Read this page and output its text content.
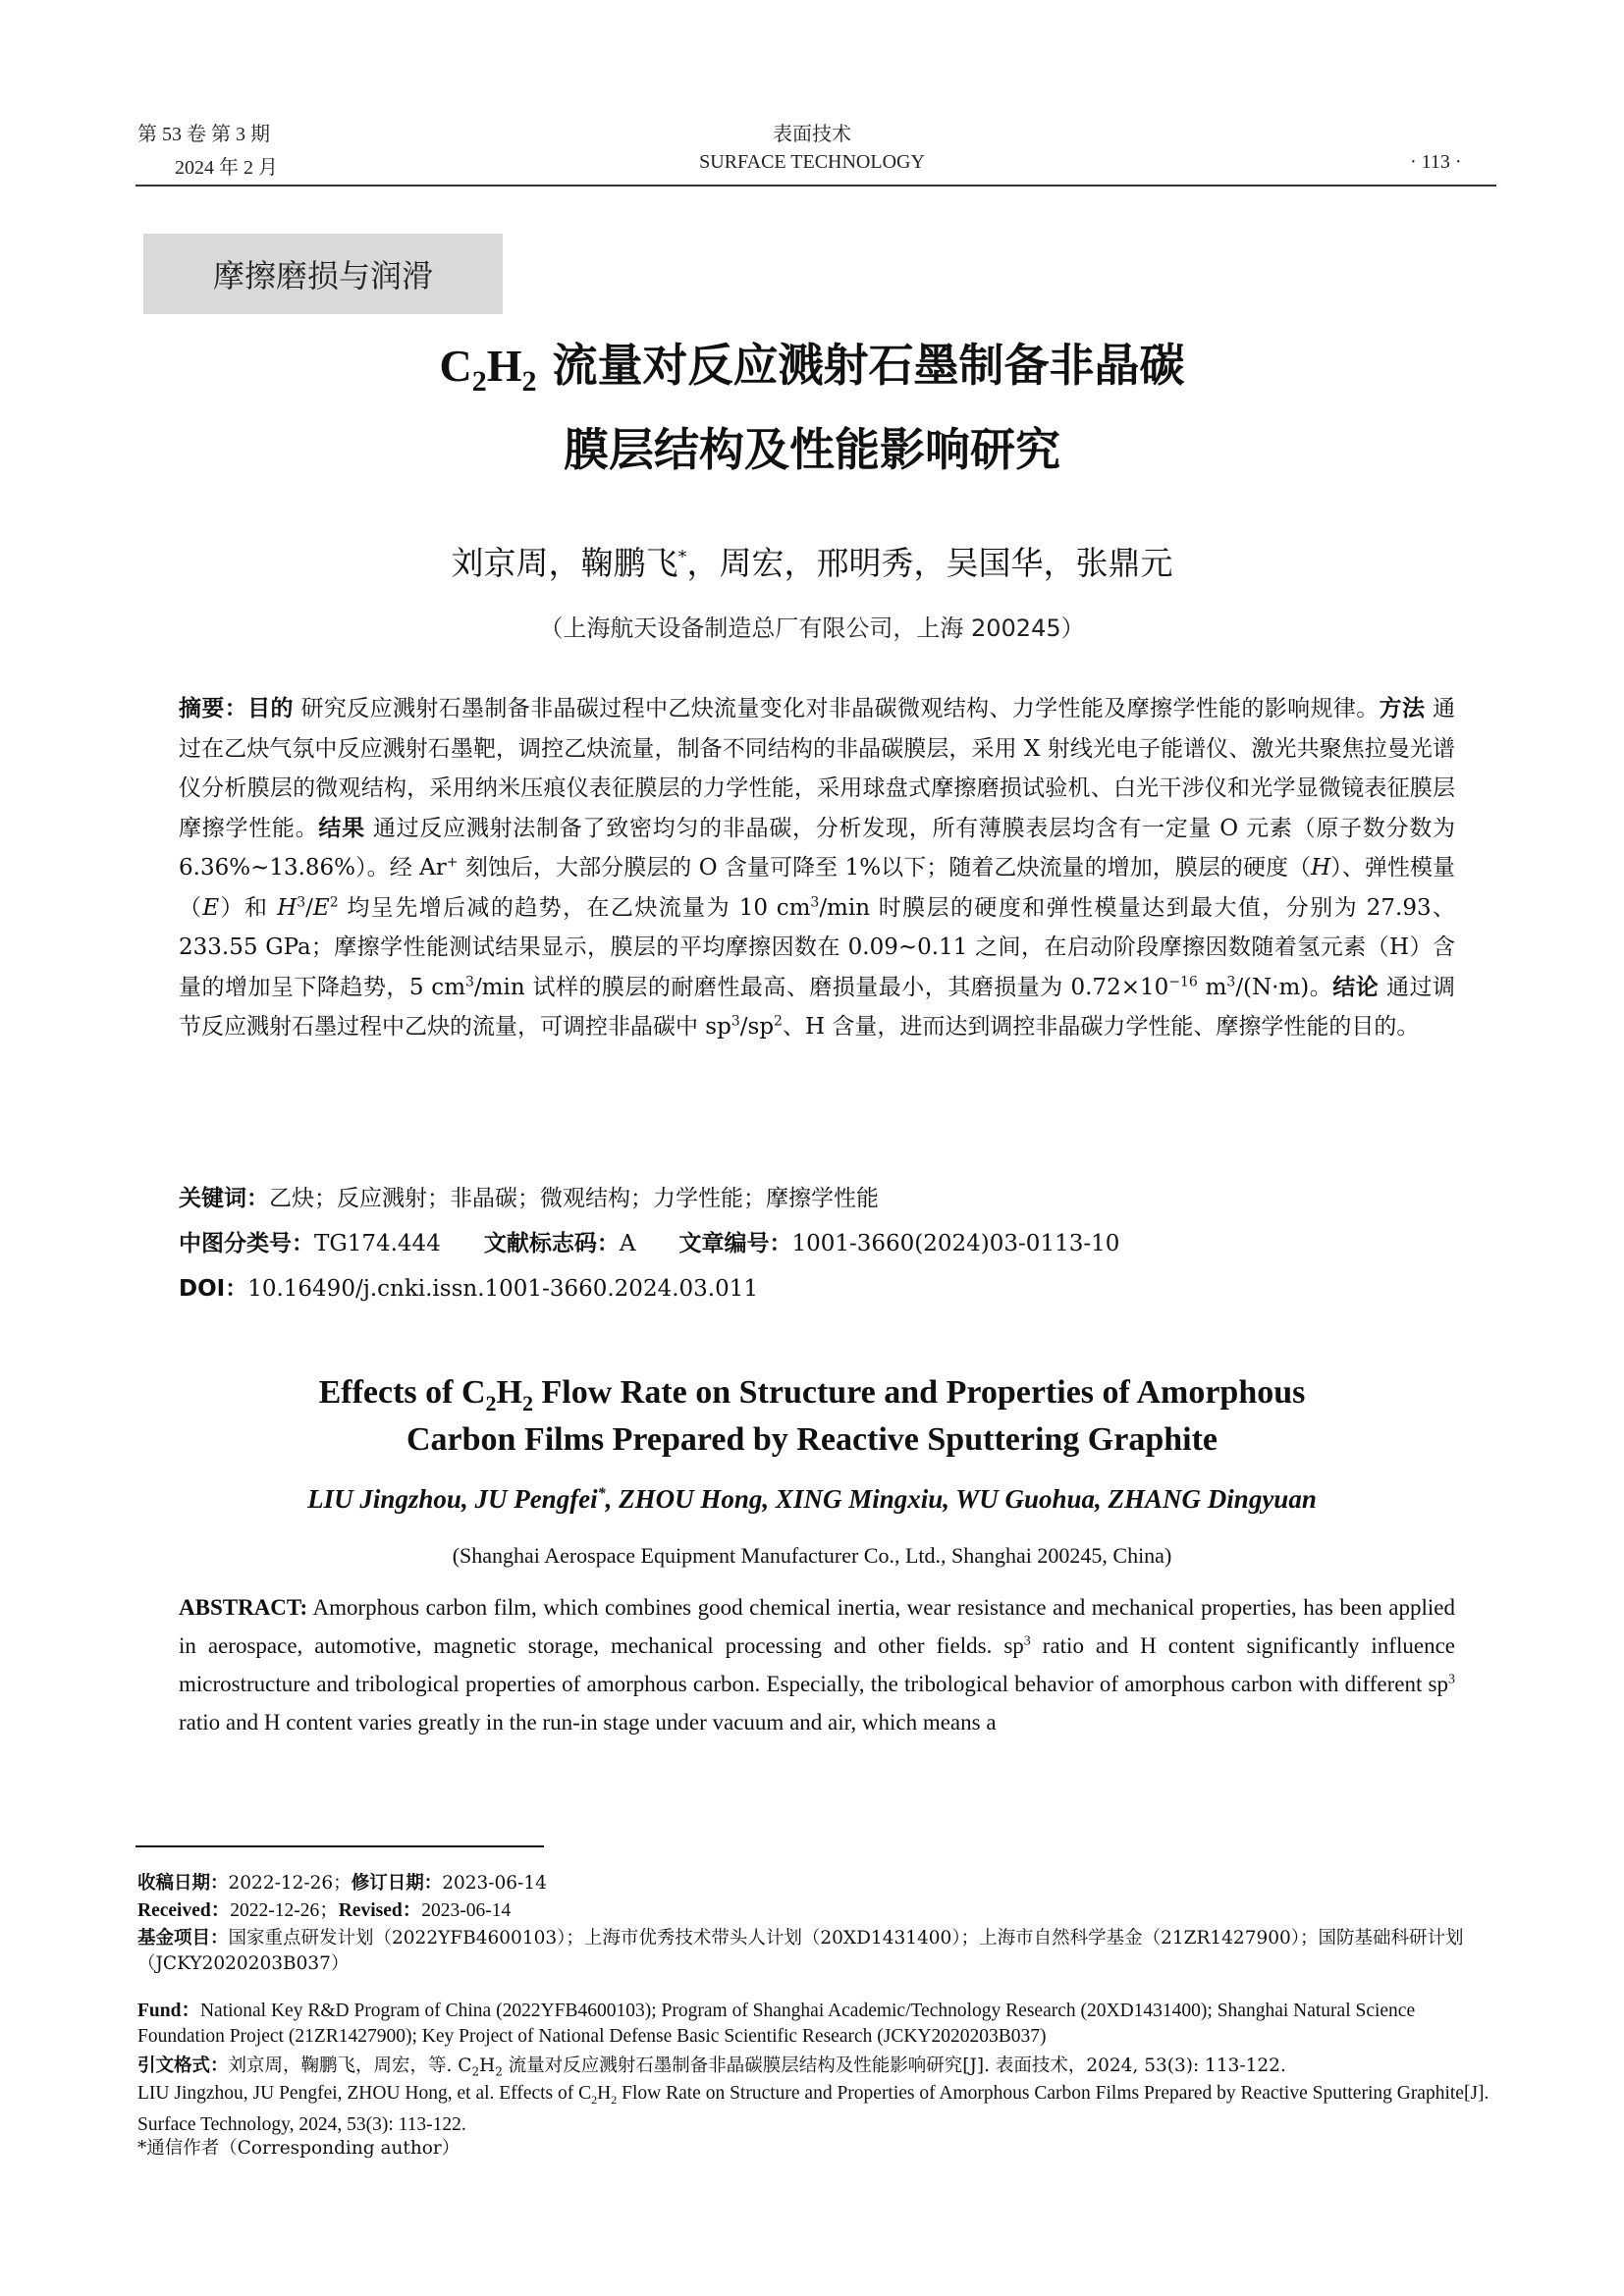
第 53 卷 第 3 期
2024 年 2 月
表面技术
SURFACE TECHNOLOGY	· 113 ·
摩擦磨损与润滑
$C_2H_2$ 流量对反应溅射石墨制备非晶碳
膜层结构及性能影响研究
刘京周，鞠鹏飞*，周宏，邢明秀，吴国华，张鼎元
（上海航天设备制造总厂有限公司，上海 200245）
摘要：目的 研究反应溅射石墨制备非晶碳过程中乙炔流量变化对非晶碳微观结构、力学性能及摩擦学性能的影响规律。方法 通过在乙炔气氛中反应溅射石墨靶，调控乙炔流量，制备不同结构的非晶碳膜层，采用 X 射线光电子能谱仪、激光共聚焦拉曼光谱仪分析膜层的微观结构，采用纳米压痕仪表征膜层的力学性能，采用球盘式摩擦磨损试验机、白光干涉仪和光学显微镜表征膜层摩擦学性能。结果 通过反应溅射法制备了致密均匀的非晶碳，分析发现，所有薄膜表层均含有一定量 O 元素（原子数分数为 6.36%~13.86%）。经 Ar+ 刻蚀后，大部分膜层的 O 含量可降至 1%以下；随着乙炔流量的增加，膜层的硬度（H）、弹性模量（E）和 $H^3/E^2$ 均呈先增后减的趋势，在乙炔流量为 10 $cm^3/\min$ 时膜层的硬度和弹性模量达到最大值，分别为 27.93、233.55 GPa；摩擦学性能测试结果显示，膜层的平均摩擦因数在 0.09~0.11 之间，在启动阶段摩擦因数随着氢元素（H）含量的增加呈下降趋势，5 $cm^3/\min$ 试样的膜层的耐磨性最高、磨损量最小，其磨损量为 $0.72\times 10^{-16}$ $m^3/(N\cdot m)$。结论 通过调节反应溅射石墨过程中乙炔的流量，可调控非晶碳中 $sp^3/sp^2$、H 含量，进而达到调控非晶碳力学性能、摩擦学性能的目的。
关键词：乙炔；反应溅射；非晶碳；微观结构；力学性能；摩擦学性能
中图分类号：TG174.444 文献标志码：A 文章编号：1001-3660(2024)03-0113-10
DOI：10.16490/j.cnki.issn.1001-3660.2024.03.011
Effects of $C_2H_2$ Flow Rate on Structure and Properties of Amorphous
Carbon Films Prepared by Reactive Sputtering Graphite
LIU Jingzhou, JU Pengfei*, ZHOU Hong, XING Mingxiu, WU Guohua, ZHANG Dingyuan
(Shanghai Aerospace Equipment Manufacturer Co., Ltd., Shanghai 200245, China)
ABSTRACT: Amorphous carbon film, which combines good chemical inertia, wear resistance and mechanical properties, has been applied in aerospace, automotive, magnetic storage, mechanical processing and other fields. $sp^3$ ratio and H content significantly influence microstructure and tribological properties of amorphous carbon. Especially, the tribological behavior of amorphous carbon with different $sp^3$ ratio and H content varies greatly in the run-in stage under vacuum and air, which means a
收稿日期：2022-12-26；修订日期：2023-06-14
Received：2022-12-26；Revised：2023-06-14
基金项目：国家重点研发计划（2022YFB4600103）；上海市优秀技术带头人计划（20XD1431400）；上海市自然科学基金（21ZR1427900）；国防基础科研计划（JCKY2020203B037）
Fund：National Key R&D Program of China (2022YFB4600103); Program of Shanghai Academic/Technology Research (20XD1431400); Shanghai Natural Science Foundation Project (21ZR1427900); Key Project of National Defense Basic Scientific Research (JCKY2020203B037)
引文格式：刘京周，鞠鹏飞，周宏，等. $C_2H_2$ 流量对反应溅射石墨制备非晶碳膜层结构及性能影响研究[J]. 表面技术，2024, 53(3): 113-122.
LIU Jingzhou, JU Pengfei, ZHOU Hong, et al. Effects of $C_2H_2$ Flow Rate on Structure and Properties of Amorphous Carbon Films Prepared by Reactive Sputtering Graphite[J]. Surface Technology, 2024, 53(3): 113-122.
*通信作者（Corresponding author）
